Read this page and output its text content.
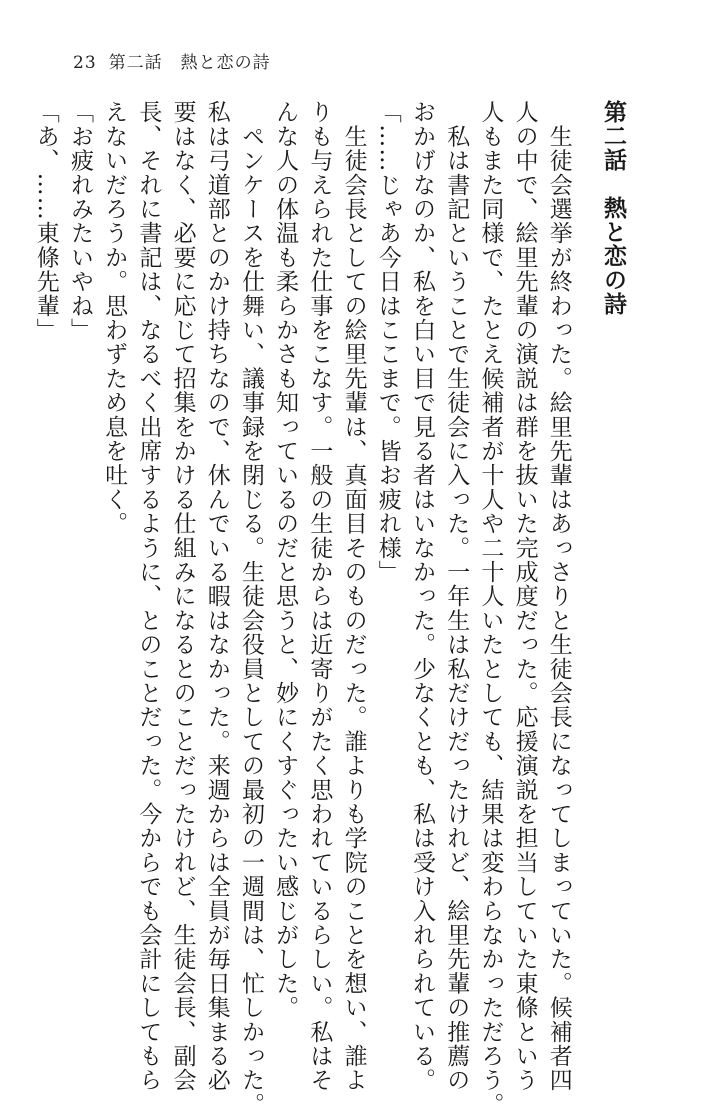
23 第二話　熱と恋の詩

第二話　熱と恋の詩

　生徒会選挙が終わった。絵里先輩はあっさりと生徒会長になってしまっていた。候補者四

人の中で、絵里先輩の演説は群を抜いた完成度だった。応援演説を担当していた東條という

人もまた同様で、たとえ候補者が十人や二十人いたとしても、結果は変わらなかっただろう。

　私は書記ということで生徒会に入った。一年生は私だけだったけれど、絵里先輩の推薦の

おかげなのか、私を白い目で見る者はいなかった。少なくとも、私は受け入れられている。

「……じゃあ今日はここまで。皆お疲れ様」

　生徒会長としての絵里先輩は、真面目そのものだった。誰よりも学院のことを想い、誰よ

りも与えられた仕事をこなす。一般の生徒からは近寄りがたく思われているらしい。私はそ

んな人の体温も柔らかさも知っているのだと思うと、妙にくすぐったい感じがした。

　ペンケースを仕舞い、議事録を閉じる。生徒会役員としての最初の一週間は、忙しかった。

私は弓道部とのかけ持ちなので、休んでいる暇はなかった。来週からは全員が毎日集まる必

要はなく、必要に応じて招集をかける仕組みになるとのことだったけれど、生徒会長、副会

長、それに書記は、なるべく出席するように、とのことだった。今からでも会計にしてもら

えないだろうか。思わずため息を吐く。

「お疲れみたいやね」

「あ、……東條先輩」
